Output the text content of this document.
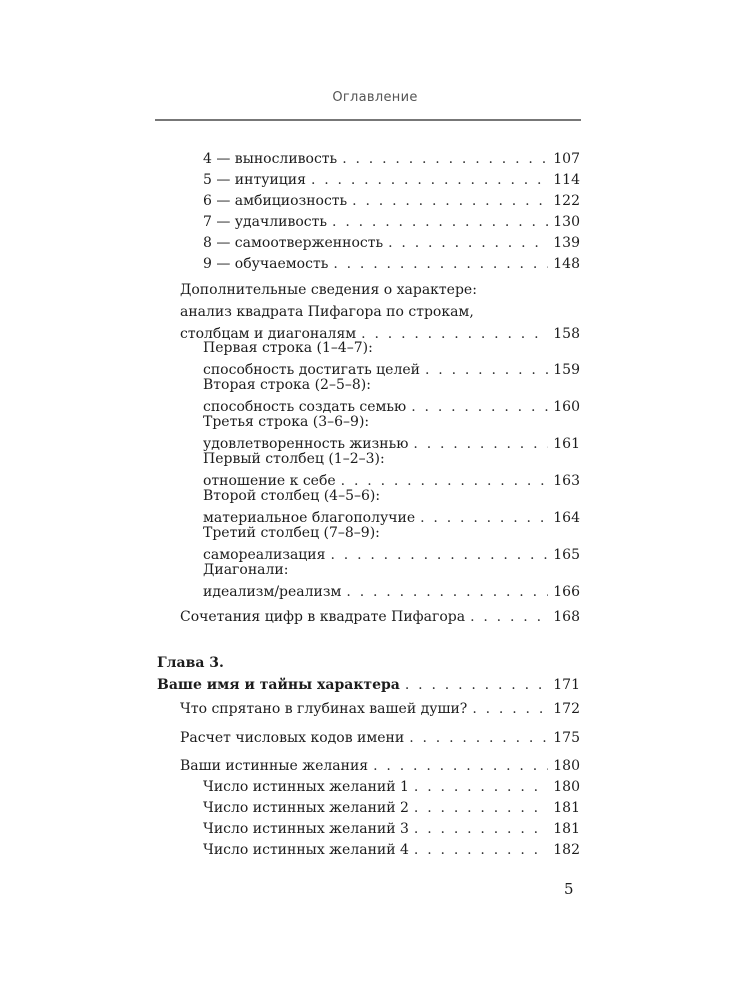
Оглавление
4 — выносливость . . .	107
5 — интуиция . . .	114
6 — амбициозность . . .	122
7 — удачливость . . .	130
8 — самоотверженность . . .	139
9 — обучаемость . . .	148
Дополнительные сведения о характере:
анализ квадрата Пифагора по строкам,
столбцам и диагоналям . . .	158
Первая строка (1–4–7):
способность достигать целей . . .	159
Вторая строка (2–5–8):
способность создать семью . . .	160
Третья строка (3–6–9):
удовлетворенность жизнью . . .	161
Первый столбец (1–2–3):
отношение к себе . . .	163
Второй столбец (4–5–6):
материальное благополучие . . .	164
Третий столбец (7–8–9):
самореализация . . .	165
Диагонали:
идеализм/реализм . . .	166
Сочетания цифр в квадрате Пифагора . . .	168
Глава 3.
Ваше имя и тайны характера . . .	171
Что спрятано в глубинах вашей души? . . .	172
Расчет числовых кодов имени . . .	175
Ваши истинные желания . . .	180
Число истинных желаний 1 . . .	180
Число истинных желаний 2 . . .	181
Число истинных желаний 3 . . .	181
Число истинных желаний 4 . . .	182
5
